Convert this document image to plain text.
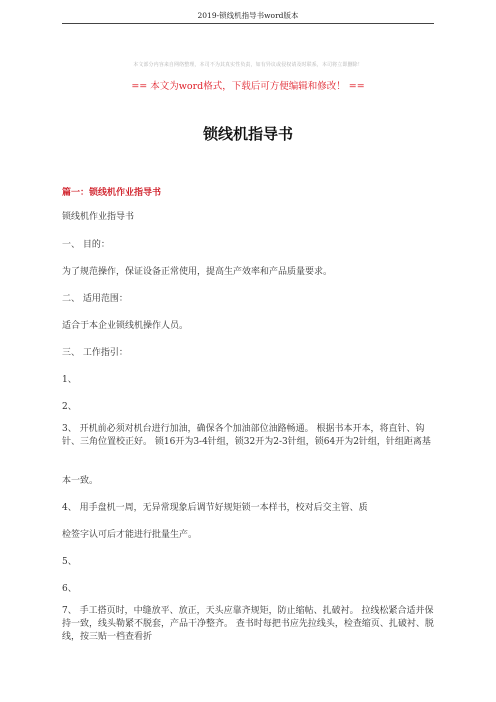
2019-锁线机指导书word版本
本文部分内容来自网络整理，本司不为其真实性负责，如有异议或侵权请及时联系，本司将立即删除！
== 本文为word格式，下载后可方便编辑和修改！ ==
锁线机指导书
篇一：锁线机作业指导书
锁线机作业指导书
一、 目的：
为了规范操作，保证设备正常使用，提高生产效率和产品质量要求。
二、 适用范围：
适合于本企业锁线机操作人员。
三、 工作指引：
1、
2、
3、 开机前必须对机台进行加油，确保各个加油部位油路畅通。 根据书本开本，将直针、钩针、三角位置校正好。 锁16开为3-4针组，锁32开为2-3针组，锁64开为2针组，针组距离基
本一致。
4、 用手盘机一周，无异常现象后调节好规矩锁一本样书，校对后交主管、质
检签字认可后才能进行批量生产。
5、
6、
7、 手工搭页时，中缝放平、放正，天头应靠齐规矩，防止缩帖、扎破衬。 拉线松紧合适并保持一致，线头勒紧不脱套，产品干净整齐。 查书时每把书应先拉线头，检查缩页、扎破衬、脱线，按三贴一档查看折
